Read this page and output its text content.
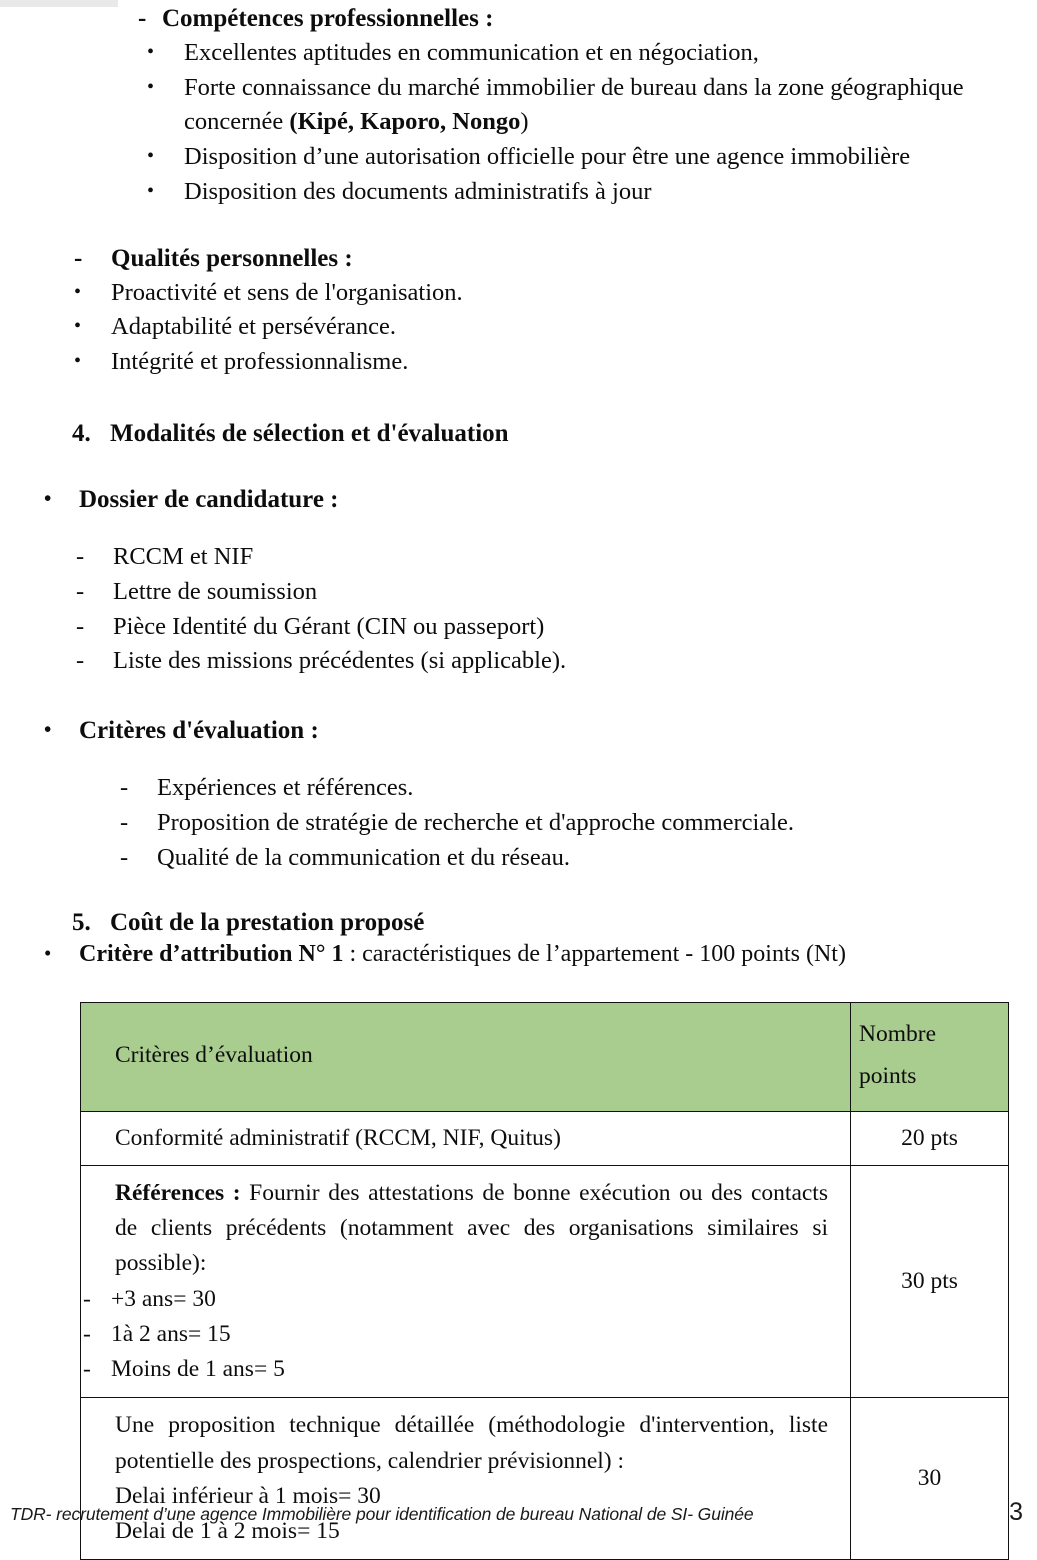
- Compétences professionnelles :
•	Excellentes aptitudes en communication et en négociation,
•	Forte connaissance du marché immobilier de bureau dans la zone géographique concernée (Kipé, Kaporo, Nongo)
•	Disposition d’une autorisation officielle pour être une agence immobilière
•	Disposition des documents administratifs à jour
-	Qualités personnelles :
•	Proactivité et sens de l'organisation.
•	Adaptabilité et persévérance.
•	Intégrité et professionnalisme.
4. Modalités de sélection et d'évaluation
•	Dossier de candidature :
-	RCCM et NIF
-	Lettre de soumission
-	Pièce Identité du Gérant (CIN ou passeport)
-	Liste des missions précédentes (si applicable).
•	Critères d'évaluation :
-	Expériences et références.
-	Proposition de stratégie de recherche et d'approche commerciale.
-	Qualité de la communication et du réseau.
5. Coût de la prestation proposé
•	Critère d’attribution N° 1 : caractéristiques de l’appartement - 100 points (Nt)
Critères d’évaluation	Nombre
points
Conformité administratif (RCCM, NIF, Quitus)	20 pts

Références : Fournir des attestations de bonne exécution ou des contacts de clients précédents (notamment avec des organisations similaires si possible):
- +3 ans= 30
- 1à 2 ans= 15
- Moins de 1 ans= 5
	30 pts

Une proposition technique détaillée (méthodologie d'intervention, liste potentielle des prospections, calendrier prévisionnel) :
Delai inférieur à 1 mois= 30
Delai de 1 à 2 mois= 15	30
TDR- recrutement d’une agence Immobilière pour identification de bureau National de SI- Guinée	3
